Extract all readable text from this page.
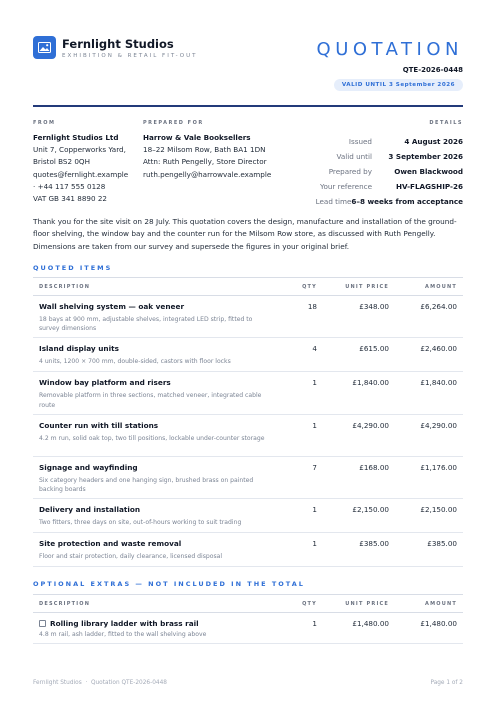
Fernlight Studios
EXHIBITION & RETAIL FIT-OUT	QUOTATION
QTE-2026-0448
VALID UNTIL 3 September 2026
FROM
Fernlight Studios Ltd
Unit 7, Copperworks Yard,
Bristol BS2 0QH
quotes@fernlight.example
· +44 117 555 0128
VAT GB 341 8890 22
PREPARED FOR
Harrow & Vale Booksellers
18–22 Milsom Row, Bath BA1 1DN
Attn: Ruth Pengelly, Store Director
ruth.pengelly@harrowvale.example
DETAILS
Issued	4 August 2026
Valid until	3 September 2026
Prepared by	Owen Blackwood
Your reference	HV-FLAGSHIP-26
Lead time 6–8 weeks from acceptance

Thank you for the site visit on 28 July. This quotation covers the design, manufacture and installation of the ground-floor shelving, the window bay and the counter run for the Milsom Row store, as discussed with Ruth Pengelly. Dimensions are taken from our survey and supersede the figures in your original brief.

QUOTED ITEMS
DESCRIPTION	QTY	UNIT PRICE	AMOUNT

Wall shelving system — oak veneer
18 bays at 900 mm, adjustable shelves, integrated LED strip, fitted to survey dimensions	18	£348.00	£6,264.00

Island display units
4 units, 1200 × 700 mm, double-sided, castors with floor locks	4	£615.00	£2,460.00

Window bay platform and risers
Removable platform in three sections, matched veneer, integrated cable route	1	£1,840.00	£1,840.00

Counter run with till stations
4.2 m run, solid oak top, two till positions, lockable under-counter storage	1	£4,290.00	£4,290.00

Signage and wayfinding
Six category headers and one hanging sign, brushed brass on painted backing boards	7	£168.00	£1,176.00

Delivery and installation
Two fitters, three days on site, out-of-hours working to suit trading	1	£2,150.00	£2,150.00

Site protection and waste removal
Floor and stair protection, daily clearance, licensed disposal	1	£385.00	£385.00
OPTIONAL EXTRAS — NOT INCLUDED IN THE TOTAL
DESCRIPTION	QTY	UNIT PRICE	AMOUNT

Rolling library ladder with brass rail
4.8 m rail, ash ladder, fitted to the wall shelving above	1	£1,480.00	£1,480.00
Fernlight Studios  ·  Quotation QTE-2026-0448	Page 1 of 2
